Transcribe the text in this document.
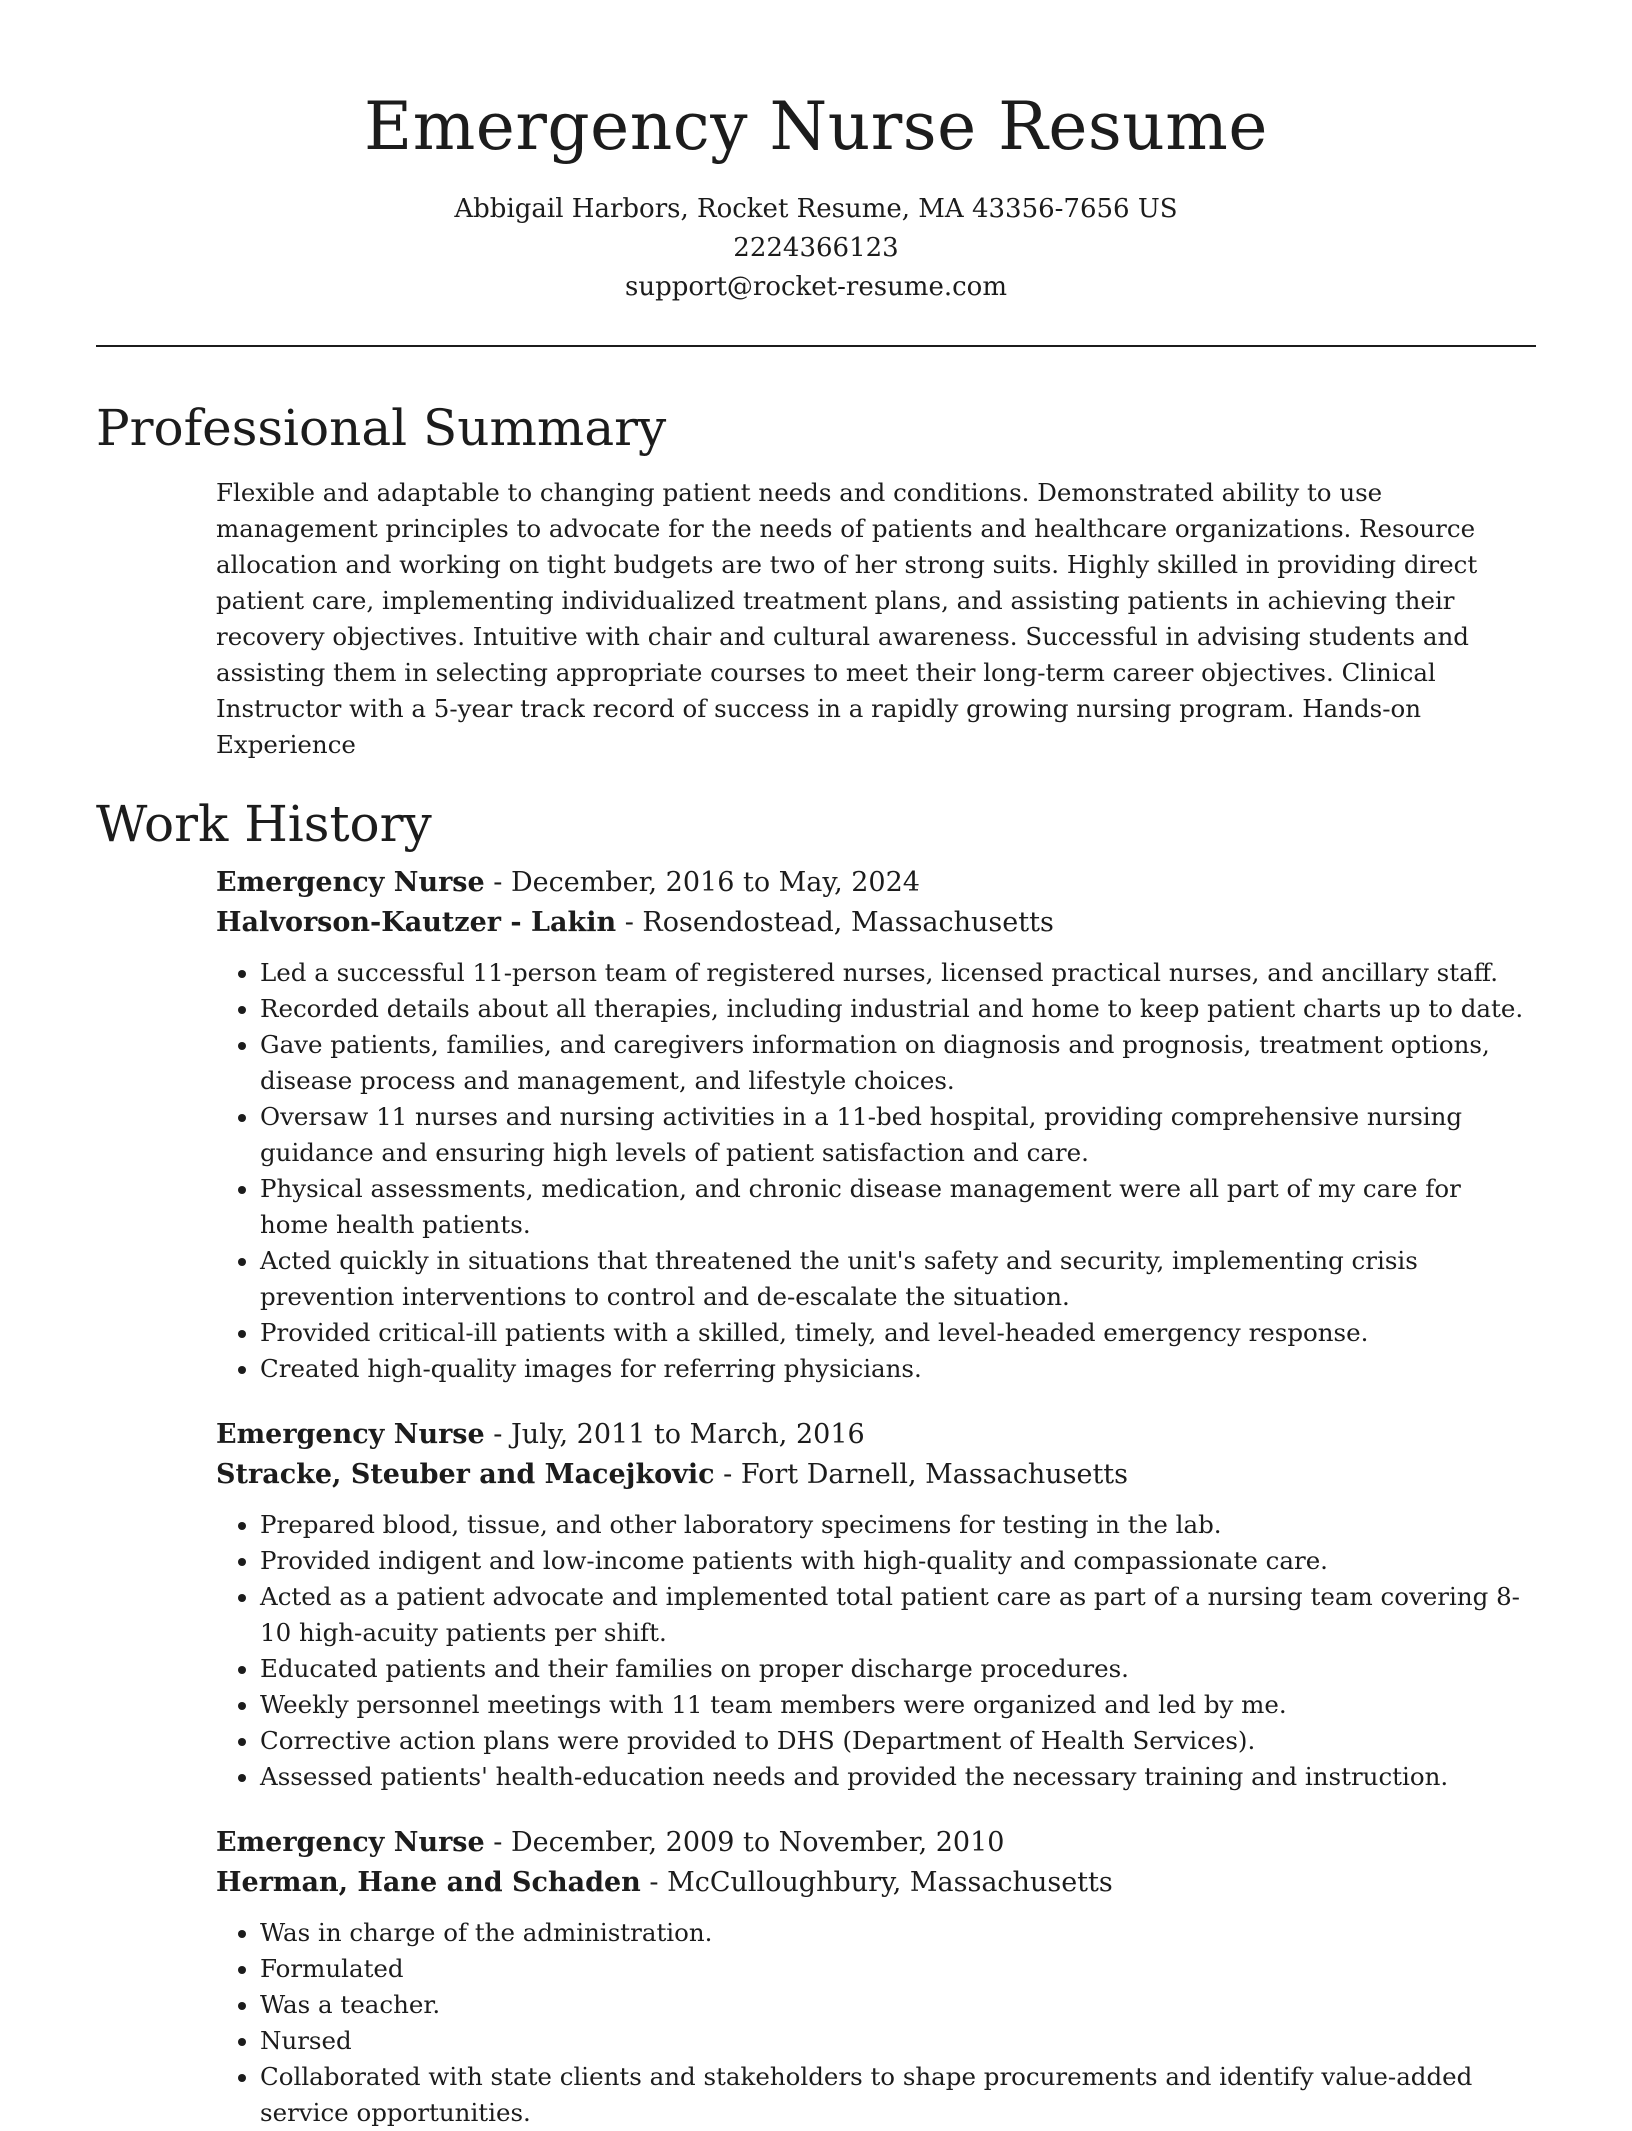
Emergency Nurse Resume

Abbigail Harbors, Rocket Resume, MA 43356-7656 US

2224366123

support@rocket-resume.com

Professional Summary

Flexible and adaptable to changing patient needs and conditions. Demonstrated ability to use management principles to advocate for the needs of patients and healthcare organizations. Resource allocation and working on tight budgets are two of her strong suits. Highly skilled in providing direct patient care, implementing individualized treatment plans, and assisting patients in achieving their recovery objectives. Intuitive with chair and cultural awareness. Successful in advising students and assisting them in selecting appropriate courses to meet their long-term career objectives. Clinical Instructor with a 5-year track record of success in a rapidly growing nursing program. Hands-on Experience

Work History

Emergency Nurse - December, 2016 to May, 2024

Halvorson-Kautzer - Lakin - Rosendostead, Massachusetts

• Led a successful 11-person team of registered nurses, licensed practical nurses, and ancillary staff.
• Recorded details about all therapies, including industrial and home to keep patient charts up to date.
• Gave patients, families, and caregivers information on diagnosis and prognosis, treatment options, disease process and management, and lifestyle choices.
• Oversaw 11 nurses and nursing activities in a 11-bed hospital, providing comprehensive nursing guidance and ensuring high levels of patient satisfaction and care.
• Physical assessments, medication, and chronic disease management were all part of my care for home health patients.
• Acted quickly in situations that threatened the unit's safety and security, implementing crisis prevention interventions to control and de-escalate the situation.
• Provided critical-ill patients with a skilled, timely, and level-headed emergency response.
• Created high-quality images for referring physicians.

Emergency Nurse - July, 2011 to March, 2016

Stracke, Steuber and Macejkovic - Fort Darnell, Massachusetts

• Prepared blood, tissue, and other laboratory specimens for testing in the lab.
• Provided indigent and low-income patients with high-quality and compassionate care.
• Acted as a patient advocate and implemented total patient care as part of a nursing team covering 8-10 high-acuity patients per shift.
• Educated patients and their families on proper discharge procedures.
• Weekly personnel meetings with 11 team members were organized and led by me.
• Corrective action plans were provided to DHS (Department of Health Services).
• Assessed patients' health-education needs and provided the necessary training and instruction.

Emergency Nurse - December, 2009 to November, 2010

Herman, Hane and Schaden - McCulloughbury, Massachusetts

• Was in charge of the administration.
• Formulated
• Was a teacher.
• Nursed
• Collaborated with state clients and stakeholders to shape procurements and identify value-added service opportunities.
